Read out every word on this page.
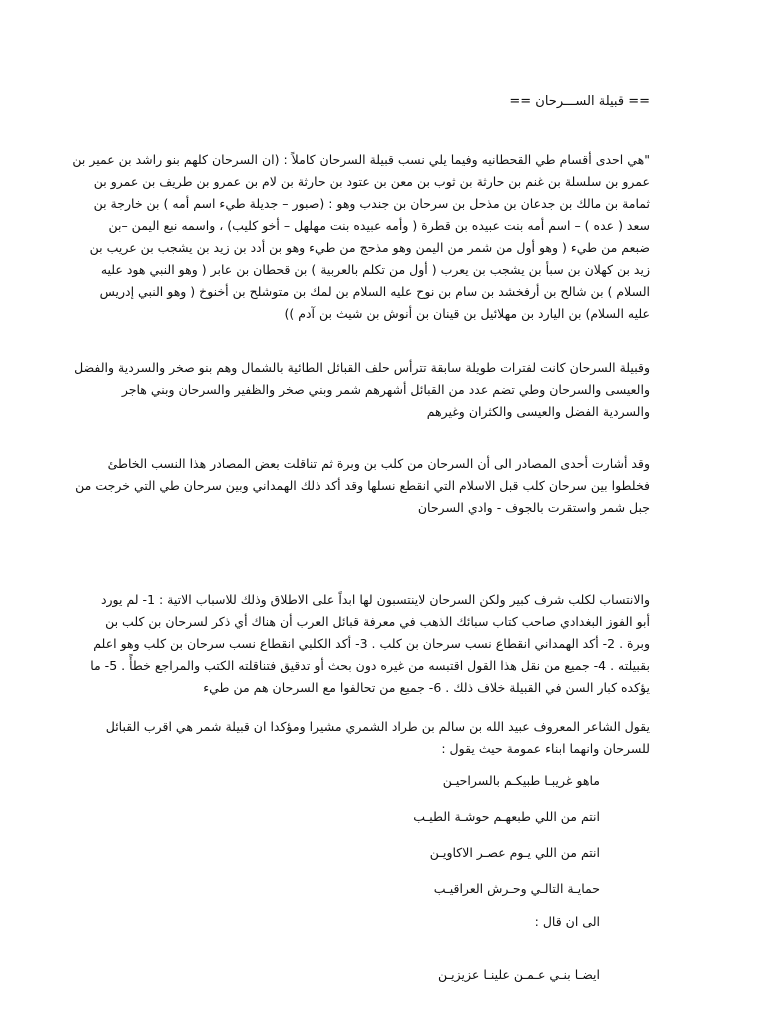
== قبيلة الســـرحان ==
"هي احدى أقسام طي القحطانيه وفيما يلي نسب قبيلة السرحان كاملاً : (ان السرحان كلهم بنو راشد بن عمير بن
عمرو بن سلسلة بن غنم بن حارثة بن ثوب بن معن بن عتود بن حارثة بن لام بن عمرو بن طريف بن عمرو بن
ثمامة بن مالك بن جدعان بن مذحل بن سرحان بن جندب وهو : (صبور – جديلة طيء اسم أمه ) بن خارجة بن
سعد ( عده ) – اسم أمه بنت عبيده بن قطرة ( وأمه عبيده بنت مهلهل – أخو كليب) ، واسمه نبع اليمن –بن
ضبعم من طيء ( وهو أول من شمر من اليمن وهو مذحج من طيء وهو بن أدد بن زيد بن يشجب بن عريب بن
زيد بن كهلان بن سبأ بن يشجب بن يعرب ( أول من تكلم بالعربية ) بن قحطان بن عابر ( وهو النبي هود عليه
السلام ) بن شالح بن أرفخشد بن سام بن نوح عليه السلام بن لمك بن متوشلح بن أخنوخ ( وهو النبي إدريس
عليه السلام) بن اليارد بن مهلائيل بن قينان بن أنوش بن شيث بن آدم ))
وقبيلة السرحان كانت لفترات طويلة سابقة تترأس حلف القبائل الطائية بالشمال وهم بنو صخر والسردية والفضل
والعيسى والسرحان وطي تضم عدد من القبائل أشهرهم شمر وبني صخر والظفير والسرحان وبني هاجر
والسردية الفضل والعيسى والكثران وغيرهم
وقد أشارت أحدى المصادر الى أن السرحان من كلب بن وبرة ثم تناقلت بعض المصادر هذا النسب الخاطئ
فخلطوا بين سرحان كلب قبل الاسلام التي انقطع نسلها وقد أكد ذلك الهمداني وبين سرحان طي التي خرجت من
جبل شمر واستقرت بالجوف - وادي السرحان
والانتساب لكلب شرف كبير ولكن السرحان لاينتسبون لها ابداً على الاطلاق وذلك للاسباب الاتية : 1- لم يورد
أبو الفوز البغدادي صاحب كتاب سبائك الذهب في معرفة قبائل العرب أن هناك أي ذكر لسرحان بن كلب بن
وبرة . 2- أكد الهمداني انقطاع نسب سرحان بن كلب . 3- أكد الكلبي انقطاع نسب سرحان بن كلب وهو اعلم
بقبيلته . 4- جميع من نقل هذا القول اقتبسه من غيره دون بحث أو تدقيق فتناقلته الكتب والمراجع خطأً . 5- ما
يؤكده كبار السن في القبيلة خلاف ذلك . 6- جميع من تحالفوا مع السرحان هم من طيء
يقول الشاعر المعروف عبيد الله بن سالم بن طراد الشمري مشيرا ومؤكدا ان قبيلة شمر هي اقرب القبائل
للسرحان وانهما ابناء عمومة حيث يقول :
ماهو غريبـا طبيكـم بالسراحيـن
انتم من اللي طبعهـم حوشـة الطيـب
انتم من اللي يـوم عصـر الاكاويـن
حمايـة التالـي وحـرش العراقيـب
الى ان قال :
ايضـا بنـي عـمـن علينـا عزيزيـن
